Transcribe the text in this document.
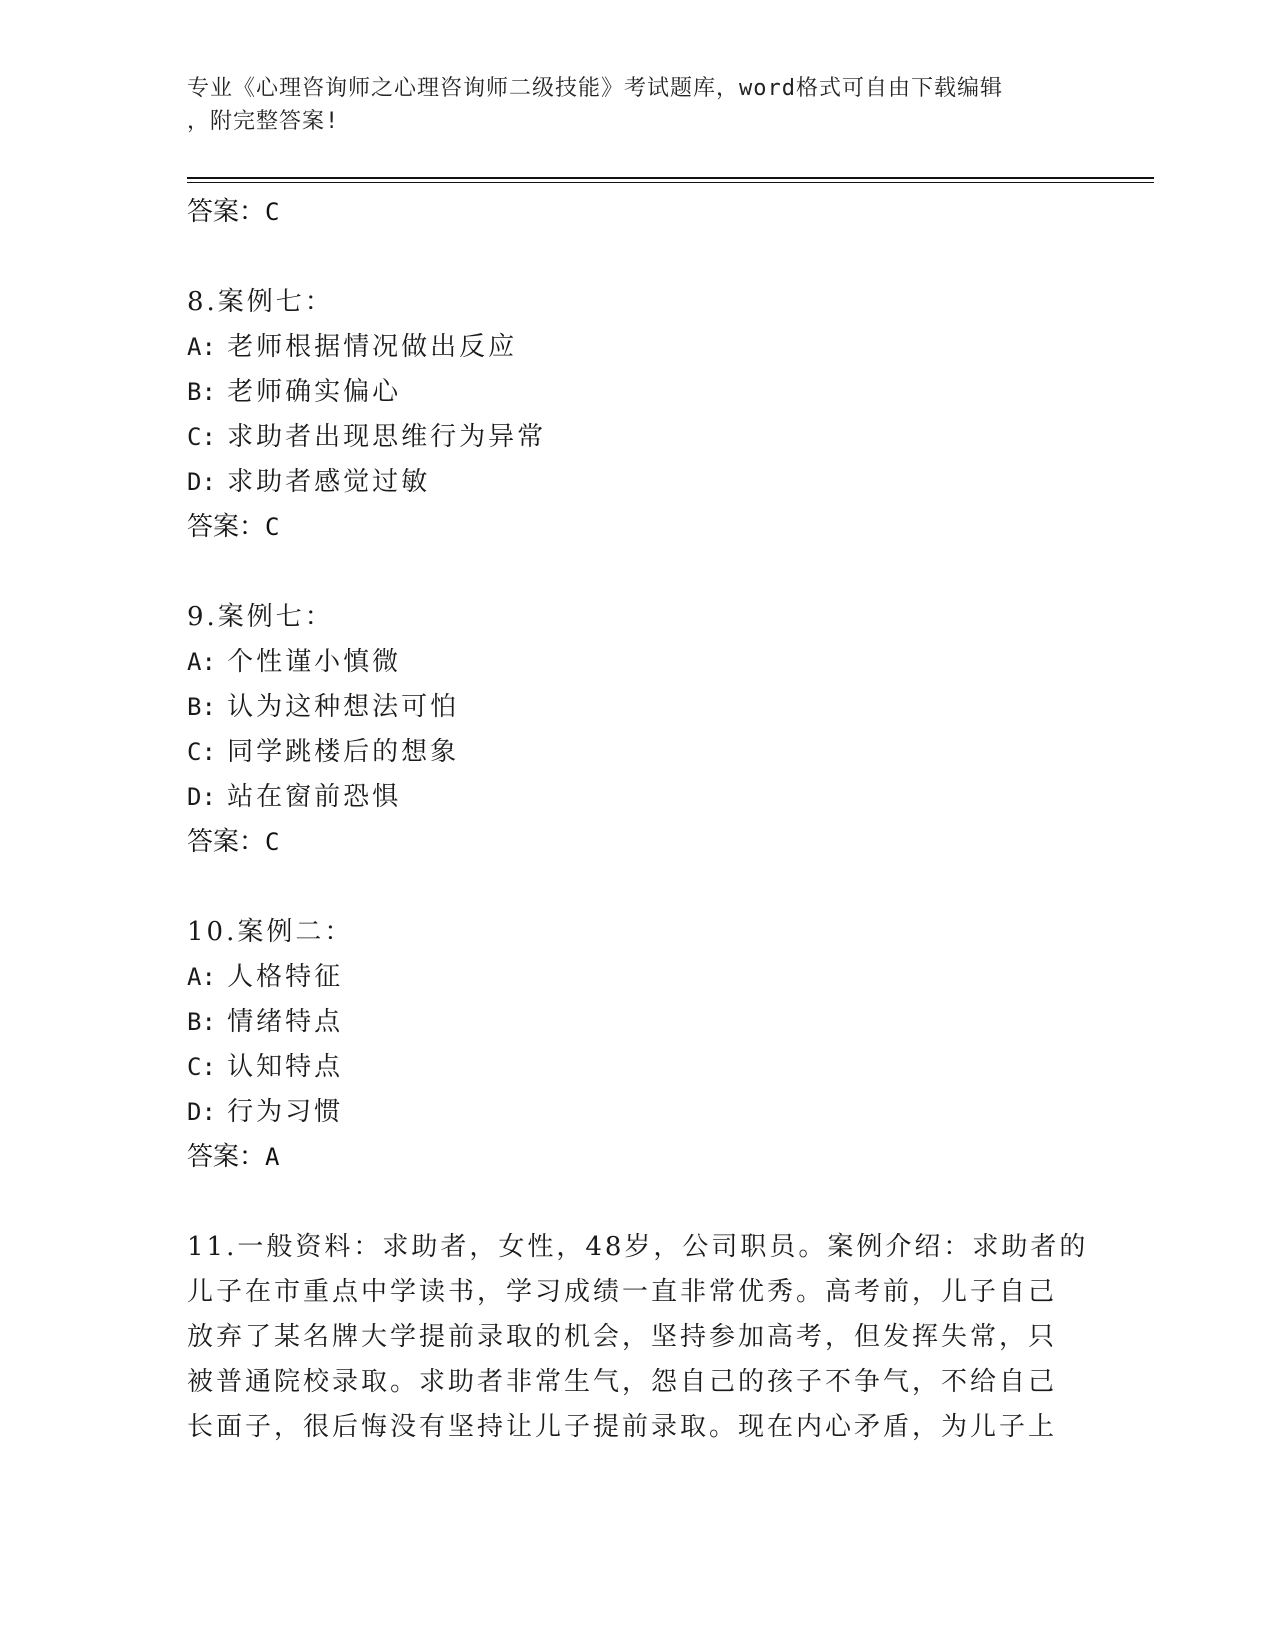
专业《心理咨询师之心理咨询师二级技能》考试题库，word格式可自由下载编辑
，附完整答案!

答案：C

8.案例七：

A: 老师根据情况做出反应

B: 老师确实偏心

C: 求助者出现思维行为异常

D: 求助者感觉过敏

答案：C

9.案例七：

A: 个性谨小慎微

B: 认为这种想法可怕

C: 同学跳楼后的想象

D: 站在窗前恐惧

答案：C

10.案例二：

A: 人格特征

B: 情绪特点

C: 认知特点

D: 行为习惯

答案：A

11.一般资料：求助者，女性，48岁，公司职员。案例介绍：求助者的
儿子在市重点中学读书，学习成绩一直非常优秀。高考前，儿子自己
放弃了某名牌大学提前录取的机会，坚持参加高考，但发挥失常，只
被普通院校录取。求助者非常生气，怨自己的孩子不争气，不给自己
长面子，很后悔没有坚持让儿子提前录取。现在内心矛盾，为儿子上
